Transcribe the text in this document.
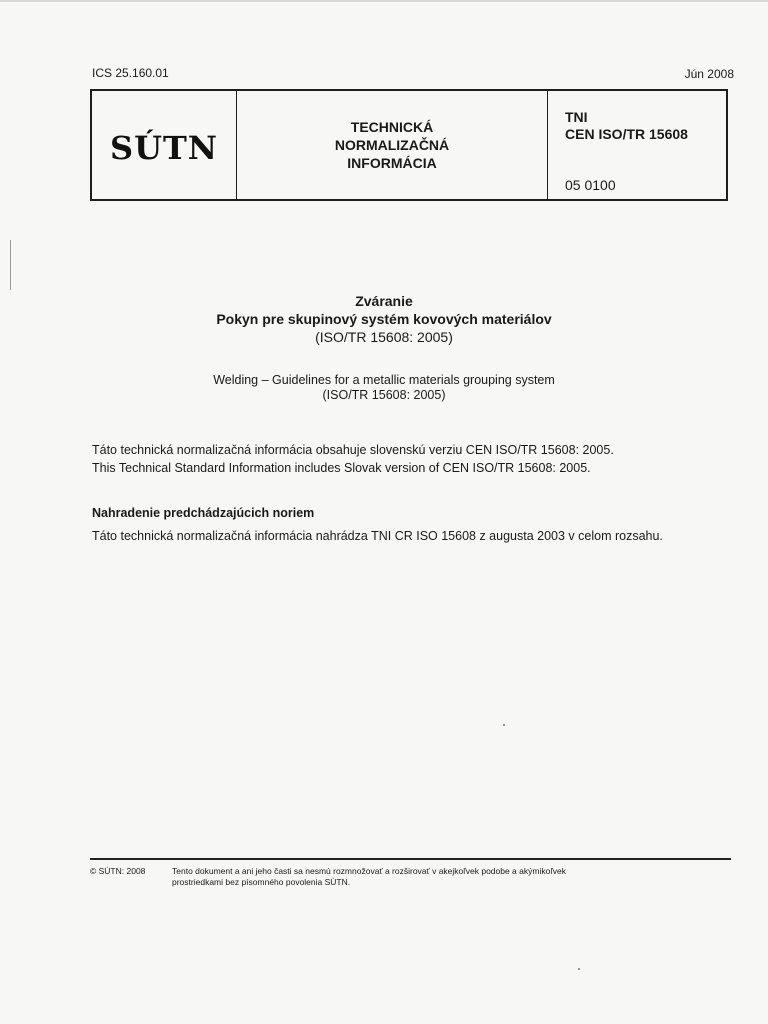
ICS 25.160.01	Jún 2008
SÚTN
TECHNICKÁ
NORMALIZAČNÁ
INFORMÁCIA
TNI
CEN ISO/TR 15608
05 0100
Zváranie
Pokyn pre skupinový systém kovových materiálov
(ISO/TR 15608: 2005)
Welding – Guidelines for a metallic materials grouping system
(ISO/TR 15608: 2005)
Táto technická normalizačná informácia obsahuje slovenskú verziu CEN ISO/TR 15608: 2005.
This Technical Standard Information includes Slovak version of CEN ISO/TR 15608: 2005.
Nahradenie predchádzajúcich noriem
Táto technická normalizačná informácia nahrádza TNI CR ISO 15608 z augusta 2003 v celom rozsahu.
© SÚTN: 2008	Tento dokument a ani jeho časti sa nesmú rozmnožovať a rozširovať v akejkoľvek podobe a akýmikoľvek
prostriedkami bez písomného povolenia SÚTN.
